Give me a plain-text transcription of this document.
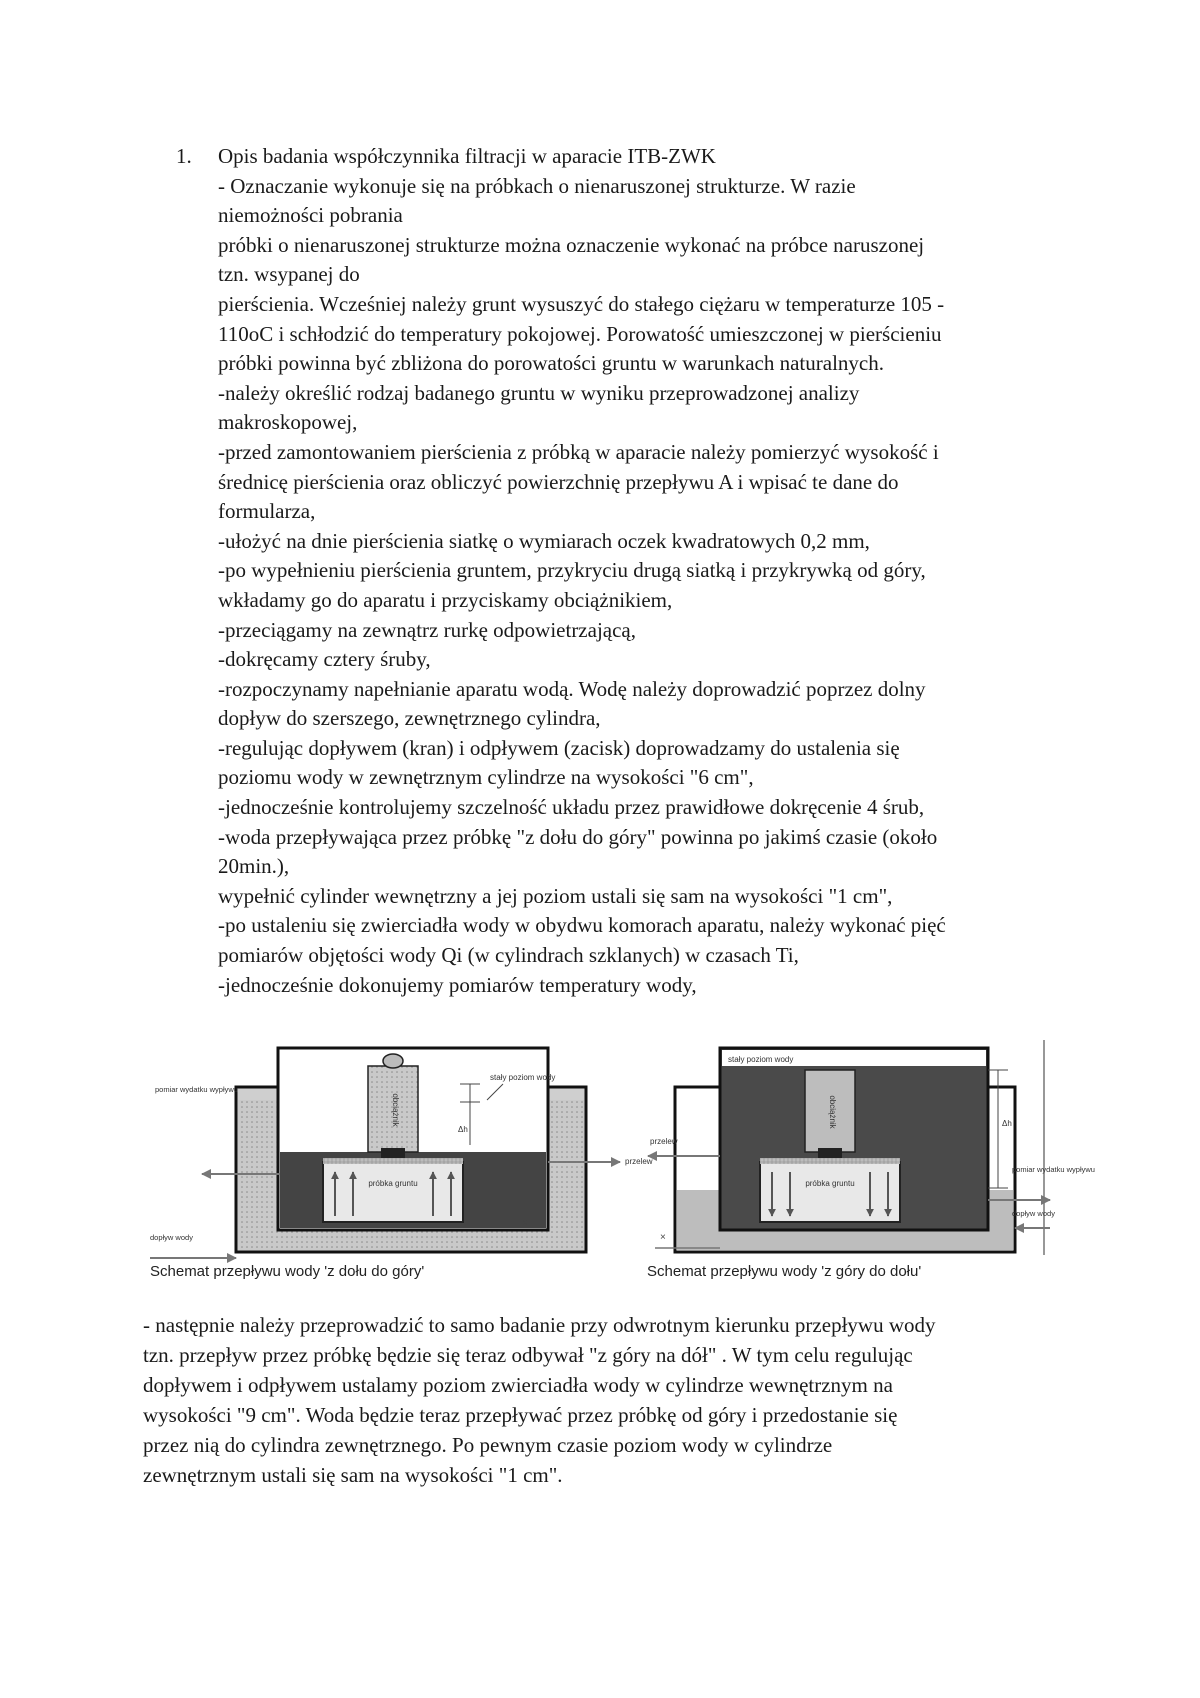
1. Opis badania współczynnika filtracji w aparacie ITB-ZWK
- Oznaczanie wykonuje się na próbkach o nienaruszonej strukturze. W razie
niemożności pobrania
próbki o nienaruszonej strukturze można oznaczenie wykonać na próbce naruszonej
tzn. wsypanej do
pierścienia. Wcześniej należy grunt wysuszyć do stałego ciężaru w temperaturze 105 -
110oC i schłodzić do temperatury pokojowej. Porowatość umieszczonej w pierścieniu
próbki powinna być zbliżona do porowatości gruntu w warunkach naturalnych.
-należy określić rodzaj badanego gruntu w wyniku przeprowadzonej analizy
makroskopowej,
-przed zamontowaniem pierścienia z próbką w aparacie należy pomierzyć wysokość i
średnicę pierścienia oraz obliczyć powierzchnię przepływu A i wpisać te dane do
formularza,
-ułożyć na dnie pierścienia siatkę o wymiarach oczek kwadratowych 0,2 mm,
-po wypełnieniu pierścienia gruntem, przykryciu drugą siatką i przykrywką od góry,
wkładamy go do aparatu i przyciskamy obciążnikiem,
-przeciągamy na zewnątrz rurkę odpowietrzającą,
-dokręcamy cztery śruby,
-rozpoczynamy napełnianie aparatu wodą. Wodę należy doprowadzić poprzez dolny
dopływ do szerszego, zewnętrznego cylindra,
-regulując dopływem (kran) i odpływem (zacisk) doprowadzamy do ustalenia się
poziomu wody w zewnętrznym cylindrze na wysokości "6 cm",
-jednocześnie kontrolujemy szczelność układu przez prawidłowe dokręcenie 4 śrub,
-woda przepływająca przez próbkę "z dołu do góry" powinna po jakimś czasie (około
20min.),
wypełnić cylinder wewnętrzny a jej poziom ustali się sam na wysokości "1 cm",
-po ustaleniu się zwierciadła wody w obydwu komorach aparatu, należy wykonać pięć
pomiarów objętości wody Qi (w cylindrach szklanych) w czasach Ti,
-jednocześnie dokonujemy pomiarów temperatury wody,
próbka gruntu
obciążnik
Δh
stały poziom wody
pomiar wydatku wypływu
przelew
dopływ wody
×
Schemat przepływu wody 'z dołu do góry'
stały poziom wody
próbka gruntu
obciążnik	Δh
przelew
pomiar wydatku wypływu
dopływ wody
×
Schemat przepływu wody 'z góry do dołu'
- następnie należy przeprowadzić to samo badanie przy odwrotnym kierunku przepływu wody
tzn. przepływ przez próbkę będzie się teraz odbywał "z góry na dół" . W tym celu regulując
dopływem i odpływem ustalamy poziom zwierciadła wody w cylindrze wewnętrznym na
wysokości "9 cm". Woda będzie teraz przepływać przez próbkę od góry i przedostanie się
przez nią do cylindra zewnętrznego. Po pewnym czasie poziom wody w cylindrze
zewnętrznym ustali się sam na wysokości "1 cm".
